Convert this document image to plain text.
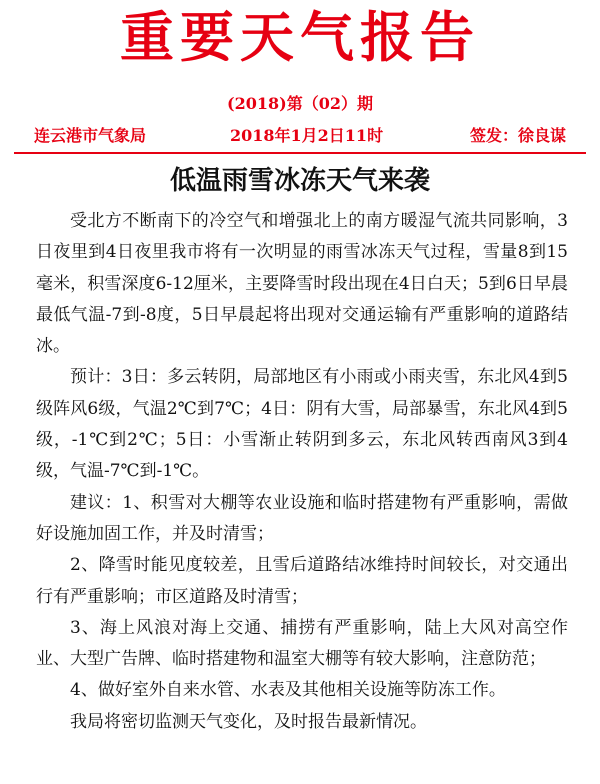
重要天气报告
(2018)第（02）期
连云港市气象局	2018年1月2日11时	签发：徐良谋
低温雨雪冰冻天气来袭

受北方不断南下的冷空气和增强北上的南方暖湿气流共同影响，3日夜里到4日夜里我市将有一次明显的雨雪冰冻天气过程，雪量8到15毫米，积雪深度6-12厘米，主要降雪时段出现在4日白天；5到6日早晨最低气温-7到-8度，5日早晨起将出现对交通运输有严重影响的道路结冰。

预计：3日：多云转阴，局部地区有小雨或小雨夹雪，东北风4到5级阵风6级，气温2℃到7℃；4日：阴有大雪，局部暴雪，东北风4到5级，-1℃到2℃；5日：小雪渐止转阴到多云，东北风转西南风3到4级，气温-7℃到-1℃。

建议：1、积雪对大棚等农业设施和临时搭建物有严重影响，需做好设施加固工作，并及时清雪；

2、降雪时能见度较差，且雪后道路结冰维持时间较长，对交通出行有严重影响；市区道路及时清雪；

3、海上风浪对海上交通、捕捞有严重影响，陆上大风对高空作业、大型广告牌、临时搭建物和温室大棚等有较大影响，注意防范；

4、做好室外自来水管、水表及其他相关设施等防冻工作。

我局将密切监测天气变化，及时报告最新情况。
